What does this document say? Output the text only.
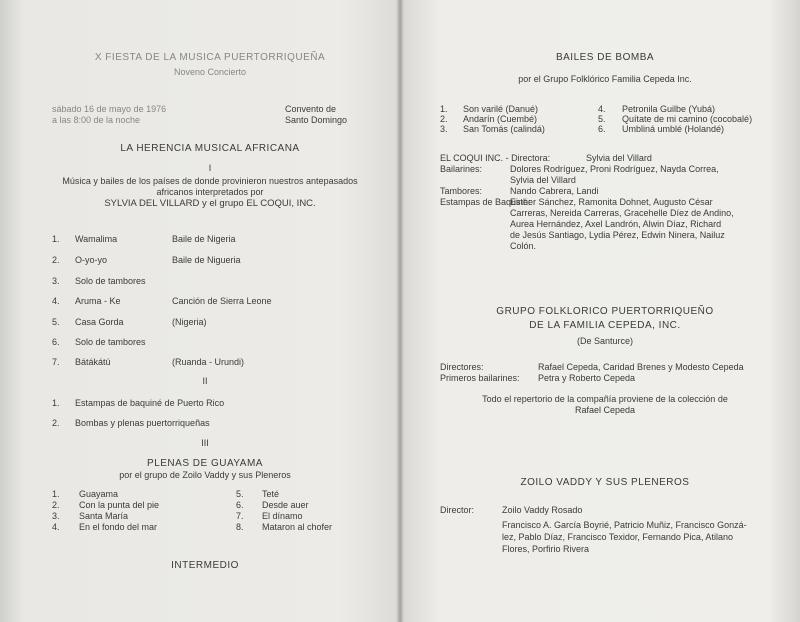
X FIESTA DE LA MUSICA PUERTORRIQUEÑA
Noveno Concierto
sábado 16 de mayo de 1976
a las 8:00 de la noche
Convento de
Santo Domingo
LA HERENCIA MUSICAL AFRICANA
I
Música y bailes de los países de donde provinieron nuestros antepasados
africanos interpretados por
SYLVIA DEL VILLARD y el grupo EL COQUI, INC.
1. Wamalima	Baile de Nigeria
2. O-yo-yo	Baile de Nigueria
3. Solo de tambores
4. Aruma - Ke	Canción de Sierra Leone
5. Casa Gorda	(Nigeria)
6. Solo de tambores
7. Bátákátú	(Ruanda - Urundi)
II
1. Estampas de baquiné de Puerto Rico
2. Bombas y plenas puertorriqueñas
III
PLENAS DE GUAYAMA
por el grupo de Zoilo Vaddy y sus Pleneros
1. Guayama
2. Con la punta del pie
3. Santa María
4. En el fondo del mar
5. Teté
6. Desde auer
7. El dínamo
8. Mataron al chofer
INTERMEDIO
BAILES DE BOMBA
por el Grupo Folklórico Familia Cepeda Inc.
1. Son varilé (Danué)
2. Andarín (Cuembé)
3. San Tomás (calindá)
4. Petronila Guilbe (Yubá)
5. Quítate de mi camino (cocobalé)
6. Umbliná umblé (Holandé)
EL COQUI INC. - Directora:	Sylvia del Villard
Bailarines:	Dolores Rodríguez, Proni Rodríguez, Nayda Correa,
Sylvia del Villard
Tambores:	Nando Cabrera, Landi
Estampas de Baquiné:
Esther Sánchez, Ramonita Dohnet, Augusto César
Carreras, Nereida Carreras, Gracehelle Díez de Andino,
Aurea Hernández, Axel Landrón, Alwin Díaz, Richard
de Jesús Santiago, Lydia Pérez, Edwin Ninera, Nailuz
Colón.
GRUPO FOLKLORICO PUERTORRIQUEÑO
DE LA FAMILIA CEPEDA, INC.
(De Santurce)
Directores:	Rafael Cepeda, Caridad Brenes y Modesto Cepeda
Primeros bailarines: Petra y Roberto Cepeda
Todo el repertorio de la compañía proviene de la colección de
Rafael Cepeda
ZOILO VADDY Y SUS PLENEROS
Director:	Zoilo Vaddy Rosado
Francisco A. García Boyrié, Patricio Muñiz, Francisco Gonzá-
lez, Pablo Díaz, Francisco Texidor, Fernando Pica, Atilano
Flores, Porfirio Rivera
